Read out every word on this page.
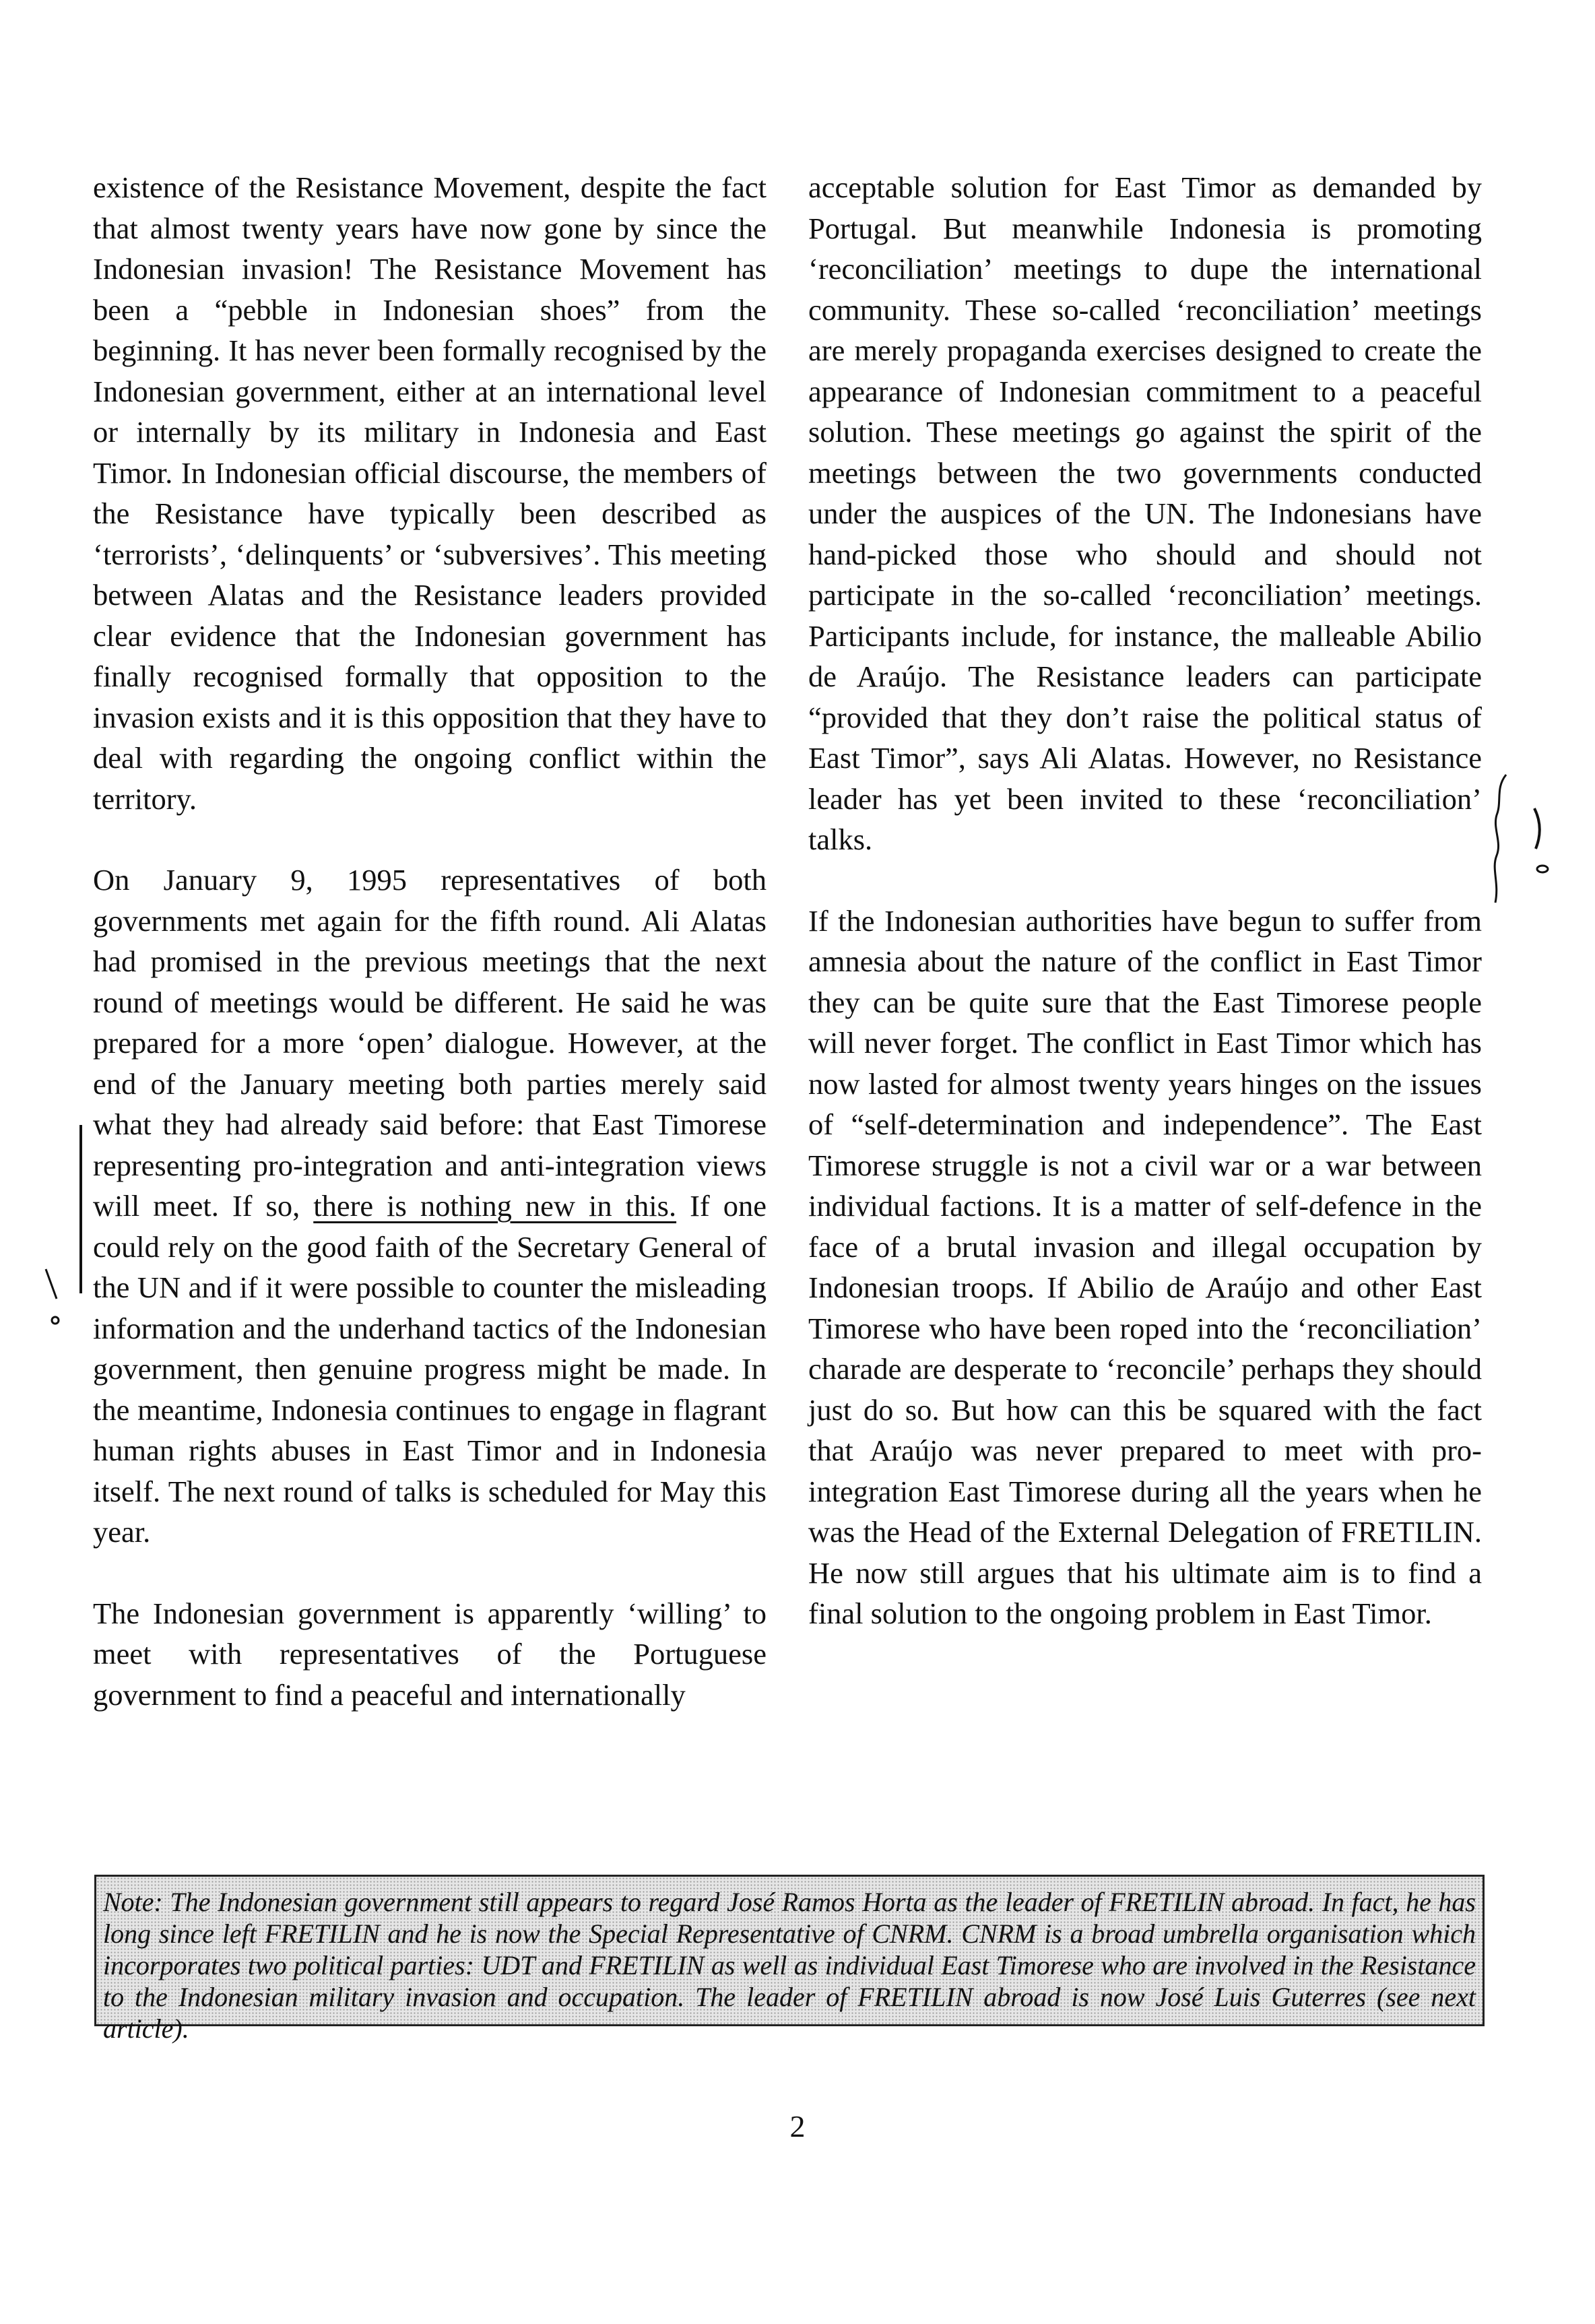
existence of the Resistance Movement, despite the fact that almost twenty years have now gone by since the Indonesian invasion! The Resistance Movement has been a “pebble in Indonesian shoes” from the beginning. It has never been formally recognised by the Indonesian government, either at an international level or internally by its military in Indonesia and East Timor. In Indonesian official discourse, the members of the Resistance have typically been described as ‘terrorists’, ‘delinquents’ or ‘subversives’. This meeting between Alatas and the Resistance leaders provided clear evidence that the Indonesian government has finally recognised formally that opposition to the invasion exists and it is this opposition that they have to deal with regarding the ongoing conflict within the territory.

On January 9, 1995 representatives of both governments met again for the fifth round. Ali Alatas had promised in the previous meetings that the next round of meetings would be different. He said he was prepared for a more ‘open’ dialogue. However, at the end of the January meeting both parties merely said what they had already said before: that East Timorese representing pro-integration and anti-integration views will meet. If so, there is nothing new in this. If one could rely on the good faith of the Secretary General of the UN and if it were possible to counter the misleading information and the underhand tactics of the Indonesian government, then genuine progress might be made. In the meantime, Indonesia continues to engage in flagrant human rights abuses in East Timor and in Indonesia itself. The next round of talks is scheduled for May this year.

The Indonesian government is apparently ‘willing’ to meet with representatives of the Portuguese government to find a peaceful and internationally

acceptable solution for East Timor as demanded by Portugal. But meanwhile Indonesia is promoting ‘reconciliation’ meetings to dupe the international community. These so-called ‘reconciliation’ meetings are merely propaganda exercises designed to create the appearance of Indonesian commitment to a peaceful solution. These meetings go against the spirit of the meetings between the two governments conducted under the auspices of the UN. The Indonesians have hand-picked those who should and should not participate in the so-called ‘reconciliation’ meetings. Participants include, for instance, the malleable Abilio de Araújo. The Resistance leaders can participate “provided that they don’t raise the political status of East Timor”, says Ali Alatas. However, no Resistance leader has yet been invited to these ‘reconciliation’ talks.

If the Indonesian authorities have begun to suffer from amnesia about the nature of the conflict in East Timor they can be quite sure that the East Timorese people will never forget. The conflict in East Timor which has now lasted for almost twenty years hinges on the issues of “self-determination and independence”. The East Timorese struggle is not a civil war or a war between individual factions. It is a matter of self-defence in the face of a brutal invasion and illegal occupation by Indonesian troops. If Abilio de Araújo and other East Timorese who have been roped into the ‘reconciliation’ charade are desperate to ‘reconcile’ perhaps they should just do so. But how can this be squared with the fact that Araújo was never prepared to meet with pro-integration East Timorese during all the years when he was the Head of the External Delegation of FRETILIN. He now still argues that his ultimate aim is to find a final solution to the ongoing problem in East Timor.

Note: The Indonesian government still appears to regard José Ramos Horta as the leader of FRETILIN abroad. In fact, he has long since left FRETILIN and he is now the Special Representative of CNRM. CNRM is a broad umbrella organisation which incorporates two political parties: UDT and FRETILIN as well as individual East Timorese who are involved in the Resistance to the Indonesian military invasion and occupation. The leader of FRETILIN abroad is now José Luis Guterres (see next article).
2
